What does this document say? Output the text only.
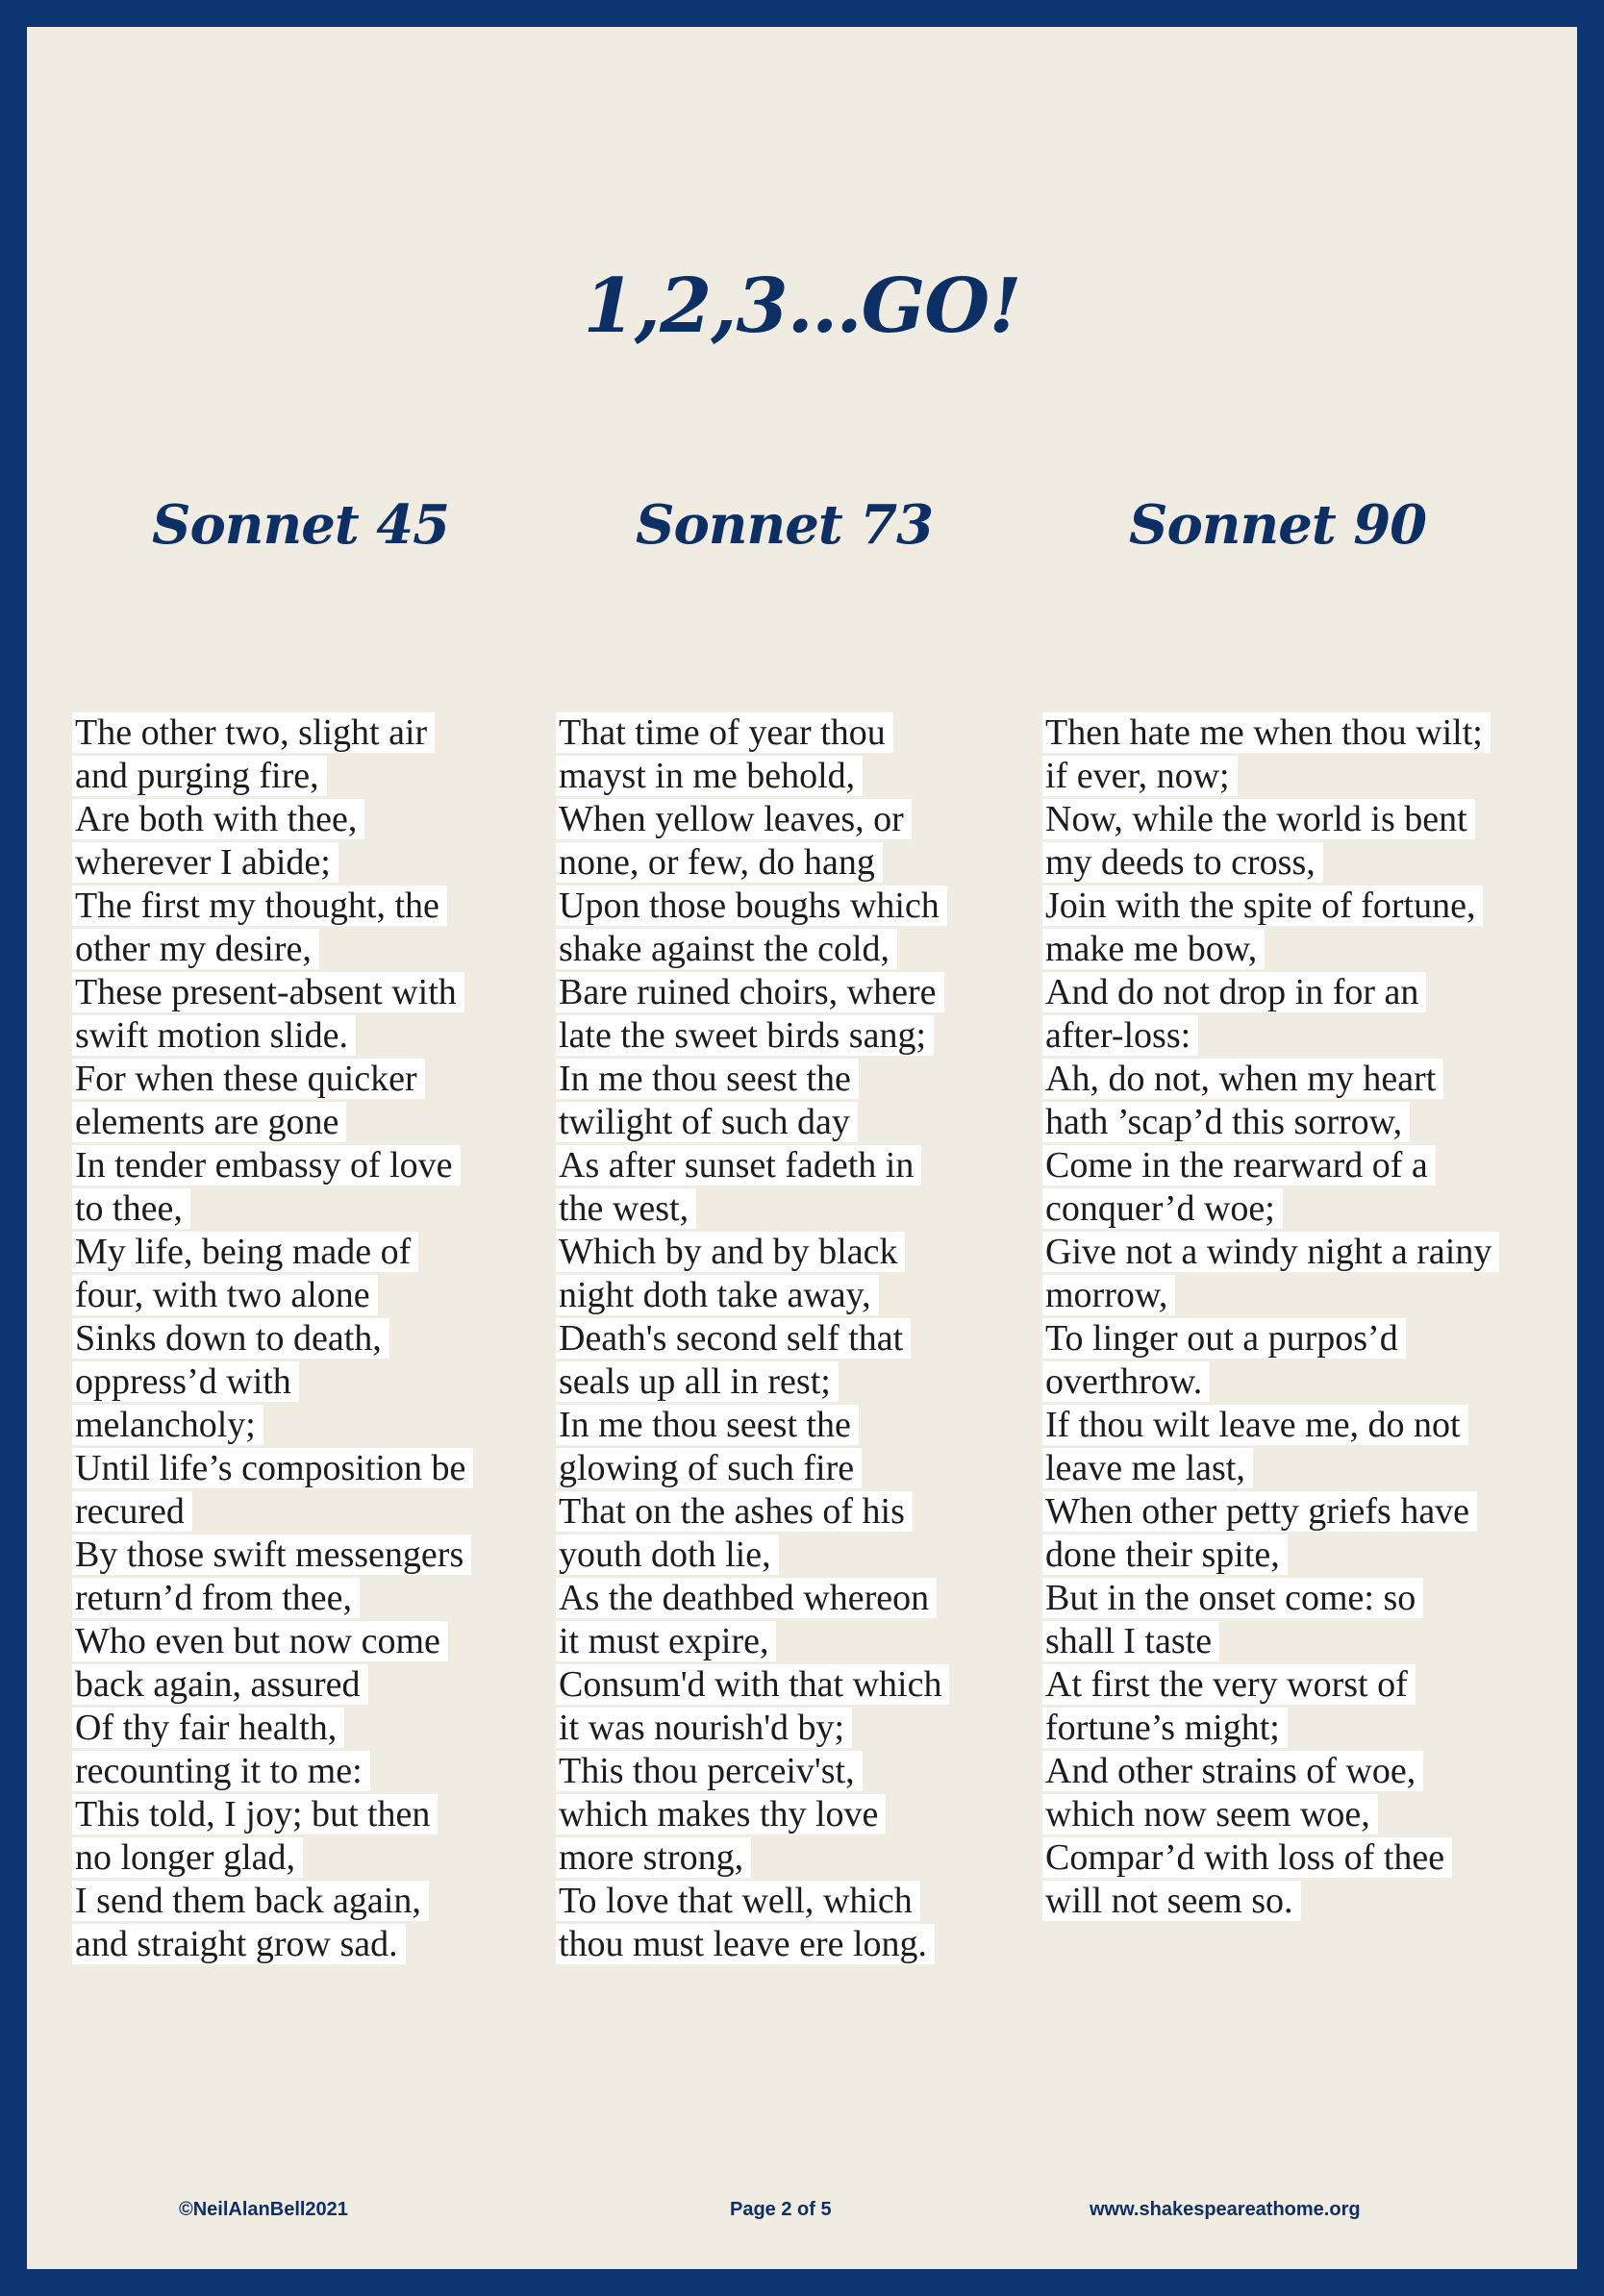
1,2,3…GO!
Sonnet 45
The other two, slight air
and purging fire,
Are both with thee,
wherever I abide;
The first my thought, the
other my desire,
These present-absent with
swift motion slide.
For when these quicker
elements are gone
In tender embassy of love
to thee,
My life, being made of
four, with two alone
Sinks down to death,
oppress’d with
melancholy;
Until life’s composition be
recured
By those swift messengers
return’d from thee,
Who even but now come
back again, assured
Of thy fair health,
recounting it to me:
This told, I joy; but then
no longer glad,
I send them back again,
and straight grow sad.
Sonnet 73
That time of year thou
mayst in me behold,
When yellow leaves, or
none, or few, do hang
Upon those boughs which
shake against the cold,
Bare ruined choirs, where
late the sweet birds sang;
In me thou seest the
twilight of such day
As after sunset fadeth in
the west,
Which by and by black
night doth take away,
Death's second self that
seals up all in rest;
In me thou seest the
glowing of such fire
That on the ashes of his
youth doth lie,
As the deathbed whereon
it must expire,
Consum'd with that which
it was nourish'd by;
This thou perceiv'st,
which makes thy love
more strong,
To love that well, which
thou must leave ere long.
Sonnet 90
Then hate me when thou wilt;
if ever, now;
Now, while the world is bent
my deeds to cross,
Join with the spite of fortune,
make me bow,
And do not drop in for an
after-loss:
Ah, do not, when my heart
hath ’scap’d this sorrow,
Come in the rearward of a
conquer’d woe;
Give not a windy night a rainy
morrow,
To linger out a purpos’d
overthrow.
If thou wilt leave me, do not
leave me last,
When other petty griefs have
done their spite,
But in the onset come: so
shall I taste
At first the very worst of
fortune’s might;
And other strains of woe,
which now seem woe,
Compar’d with loss of thee
will not seem so.
©NeilAlanBell2021	Page 2 of 5	www.shakespeareathome.org
